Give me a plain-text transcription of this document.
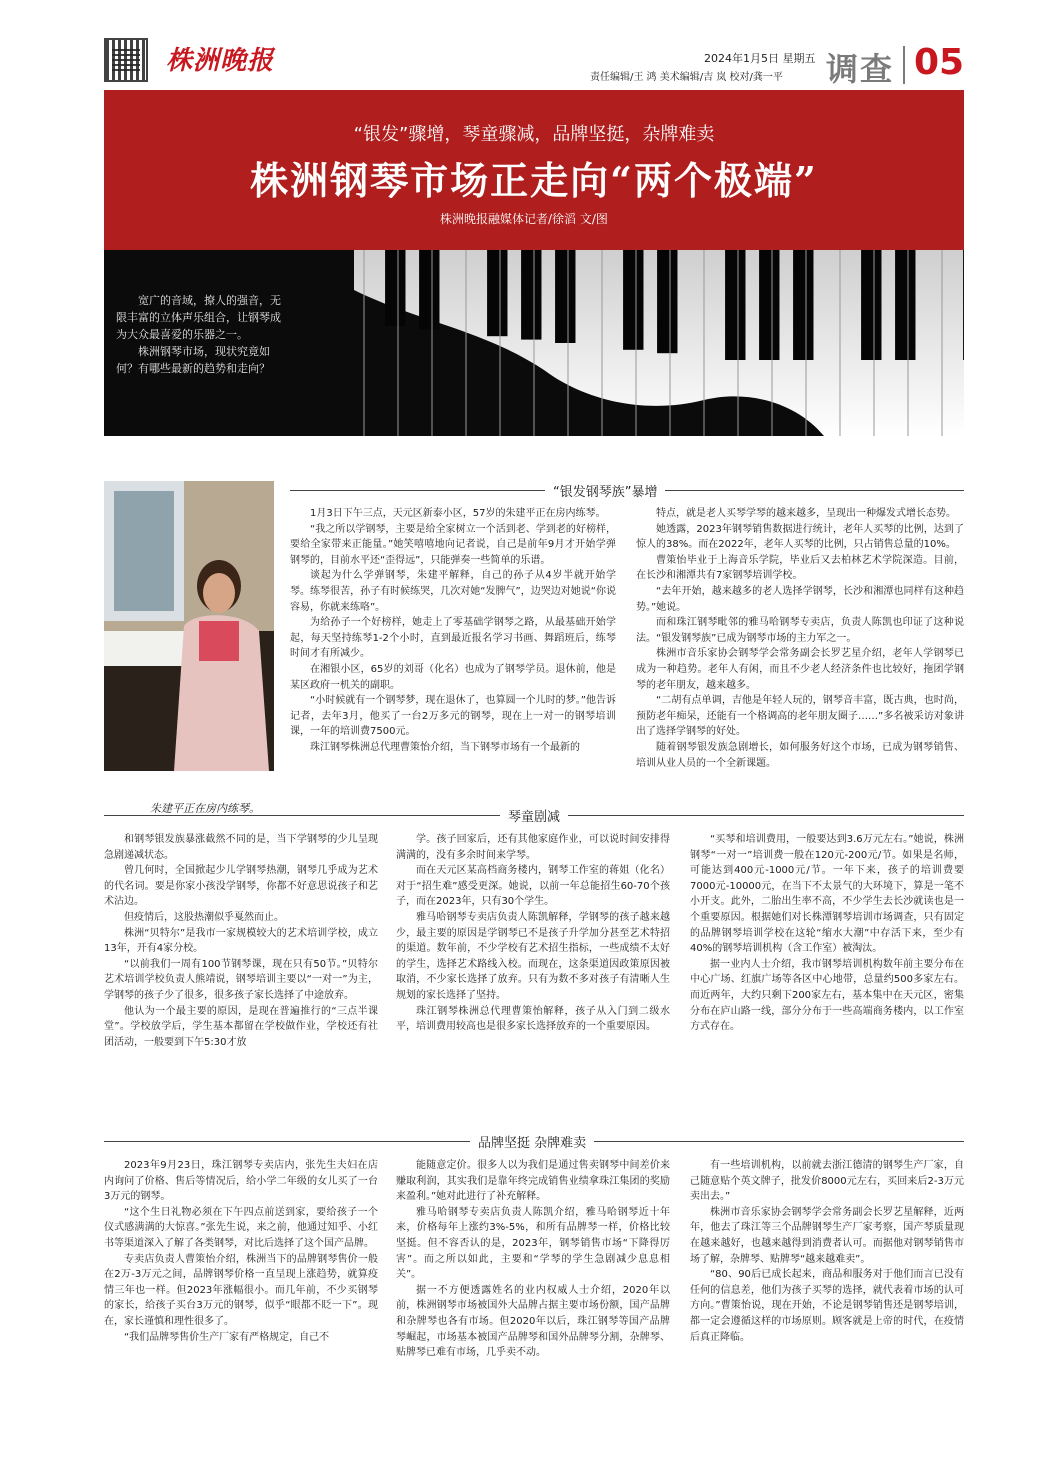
株洲晚报	2024年1月5日 星期五
责任编辑/王 鸿 美术编辑/吉 岚 校对/龚一平 调查 05
“银发”骤增，琴童骤减，品牌坚挺，杂牌难卖
株洲钢琴市场正走向“两个极端”
株洲晚报融媒体记者/徐滔 文/图

宽广的音域，撩人的强音，无限丰富的立体声乐组合，让钢琴成为大众最喜爱的乐器之一。

株洲钢琴市场，现状究竟如何？有哪些最新的趋势和走向？

“银发钢琴族”暴增
朱建平正在房内练琴。

1月3日下午三点，天元区新泰小区，57岁的朱建平正在房内练琴。

“我之所以学钢琴，主要是给全家树立一个活到老、学到老的好榜样，要给全家带来正能量。”她笑嘻嘻地向记者说，自己是前年9月才开始学弹钢琴的，目前水平还“歪得远”，只能弹奏一些简单的乐谱。

谈起为什么学弹钢琴，朱建平解释，自己的孙子从4岁半就开始学琴。练琴很苦，孙子有时候练哭，几次对她“发脾气”，边哭边对她说“你说容易，你就来练咯”。

为给孙子一个好榜样，她走上了零基础学钢琴之路，从最基础开始学起，每天坚持练琴1-2个小时，直到最近报名学习书画、舞蹈班后，练琴时间才有所减少。

在湘银小区，65岁的刘哥（化名）也成为了钢琴学员。退休前，他是某区政府一机关的副职。

“小时候就有一个钢琴梦，现在退休了，也算圆一个儿时的梦。”他告诉记者，去年3月，他买了一台2万多元的钢琴，现在上一对一的钢琴培训课，一年的培训费7500元。

珠江钢琴株洲总代理曹策怡介绍，当下钢琴市场有一个最新的

特点，就是老人买琴学琴的越来越多，呈现出一种爆发式增长态势。

她透露，2023年钢琴销售数据进行统计，老年人买琴的比例，达到了惊人的38%。而在2022年，老年人买琴的比例，只占销售总量的10%。

曹策怡毕业于上海音乐学院，毕业后又去柏林艺术学院深造。目前，在长沙和湘潭共有7家钢琴培训学校。

“去年开始，越来越多的老人选择学钢琴，长沙和湘潭也同样有这种趋势。”她说。

而和珠江钢琴毗邻的雅马哈钢琴专卖店，负责人陈凯也印证了这种说法。“银发钢琴族”已成为钢琴市场的主力军之一。

株洲市音乐家协会钢琴学会常务副会长罗艺星介绍，老年人学钢琴已成为一种趋势。老年人有闲，而且不少老人经济条件也比较好，拖团学钢琴的老年朋友，越来越多。

“二胡有点单调，吉他是年轻人玩的，钢琴音丰富，既古典，也时尚，预防老年痴呆，还能有一个格调高的老年朋友圈子……”多名被采访对象讲出了选择学钢琴的好处。

随着钢琴银发族急剧增长，如何服务好这个市场，已成为钢琴销售、培训从业人员的一个全新课题。

琴童剧减

和钢琴银发族暴涨截然不同的是，当下学钢琴的少儿呈现急剧递减状态。

曾几何时，全国掀起少儿学钢琴热潮，钢琴几乎成为艺术的代名词。要是你家小孩没学钢琴，你都不好意思说孩子和艺术沾边。

但疫情后，这股热潮似乎戛然而止。

株洲“贝特尔”是我市一家规模较大的艺术培训学校，成立13年，开有4家分校。

“以前我们一周有100节钢琴课，现在只有50节。”贝特尔艺术培训学校负责人熊靖说，钢琴培训主要以“一对一”为主，学钢琴的孩子少了很多，很多孩子家长选择了中途放弃。

他认为一个最主要的原因，是现在普遍推行的“三点半课堂”。学校放学后，学生基本都留在学校做作业，学校还有社团活动，一般要到下午5:30才放

学。孩子回家后，还有其他家庭作业，可以说时间安排得满满的，没有多余时间来学琴。

而在天元区某高档商务楼内，钢琴工作室的蒋姐（化名）对于“招生难”感受更深。她说，以前一年总能招生60-70个孩子，而在2023年，只有30个学生。

雅马哈钢琴专卖店负责人陈凯解释，学钢琴的孩子越来越少，最主要的原因是学钢琴已不是孩子升学加分甚至艺术特招的渠道。数年前，不少学校有艺术招生指标，一些成绩不太好的学生，选择艺术路线入校。而现在，这条渠道因政策原因被取消，不少家长选择了放弃。只有为数不多对孩子有清晰人生规划的家长选择了坚持。

珠江钢琴株洲总代理曹策怡解释，孩子从入门到二级水平，培训费用较高也是很多家长选择放弃的一个重要原因。

“买琴和培训费用，一般要达到3.6万元左右。”她说，株洲钢琴“一对一”培训费一般在120元-200元/节。如果是名师，可能达到400元-1000元/节。一年下来，孩子的培训费要7000元-10000元，在当下不太景气的大环境下，算是一笔不小开支。此外，二胎出生率不高，不少学生去长沙就读也是一个重要原因。根据她们对长株潭钢琴培训市场调查，只有固定的品牌钢琴培训学校在这轮“缩水大潮”中存活下来，至少有40%的钢琴培训机构（含工作室）被淘汰。

据一业内人士介绍，我市钢琴培训机构数年前主要分布在中心广场、红旗广场等各区中心地带，总量约500多家左右。而近两年，大约只剩下200家左右，基本集中在天元区，密集分布在庐山路一线，部分分布于一些高端商务楼内，以工作室方式存在。

品牌坚挺 杂牌难卖

2023年9月23日，珠江钢琴专卖店内，张先生夫妇在店内询问了价格、售后等情况后，给小学二年级的女儿买了一台3万元的钢琴。

“这个生日礼物必须在下午四点前送到家，要给孩子一个仪式感满满的大惊喜。”张先生说，来之前，他通过知乎、小红书等渠道深入了解了各类钢琴，对比后选择了这个国产品牌。

专卖店负责人曹策怡介绍，株洲当下的品牌钢琴售价一般在2万-3万元之间，品牌钢琴价格一直呈现上涨趋势，就算疫情三年也一样。但2023年涨幅很小。而几年前，不少买钢琴的家长，给孩子买台3万元的钢琴，似乎“眼都不眨一下”。现在，家长谨慎和理性很多了。

“我们品牌琴售价生产厂家有严格规定，自己不

能随意定价。很多人以为我们是通过售卖钢琴中间差价来赚取利润，其实我们是靠年终完成销售业绩拿珠江集团的奖励来盈利。”她对此进行了补充解释。

雅马哈钢琴专卖店负责人陈凯介绍，雅马哈钢琴近十年来，价格每年上涨约3%-5%，和所有品牌琴一样，价格比较坚挺。但不容否认的是，2023年，钢琴销售市场“下降得厉害”。而之所以如此，主要和“学琴的学生急剧减少息息相关”。

据一不方便透露姓名的业内权威人士介绍，2020年以前，株洲钢琴市场被国外大品牌占据主要市场份额，国产品牌和杂牌琴也各有市场。但2020年以后，珠江钢琴等国产品牌琴崛起，市场基本被国产品牌琴和国外品牌琴分割，杂牌琴、贴牌琴已难有市场，几乎卖不动。

有一些培训机构，以前就去浙江德清的钢琴生产厂家，自己随意贴个英文牌子，批发价8000元左右，买回来后2-3万元卖出去。”

株洲市音乐家协会钢琴学会常务副会长罗艺星解释，近两年，他去了珠江等三个品牌钢琴生产厂家考察，国产琴质量现在越来越好，也越来越得到消费者认可。而据他对钢琴销售市场了解，杂牌琴、贴牌琴“越来越难卖”。

“80、90后已成长起来，商品和服务对于他们而言已没有任何的信息差，他们为孩子买琴的选择，就代表着市场的认可方向。”曹策怡说，现在开始，不论是钢琴销售还是钢琴培训，都一定会遵循这样的市场原则。顾客就是上帝的时代，在疫情后真正降临。
